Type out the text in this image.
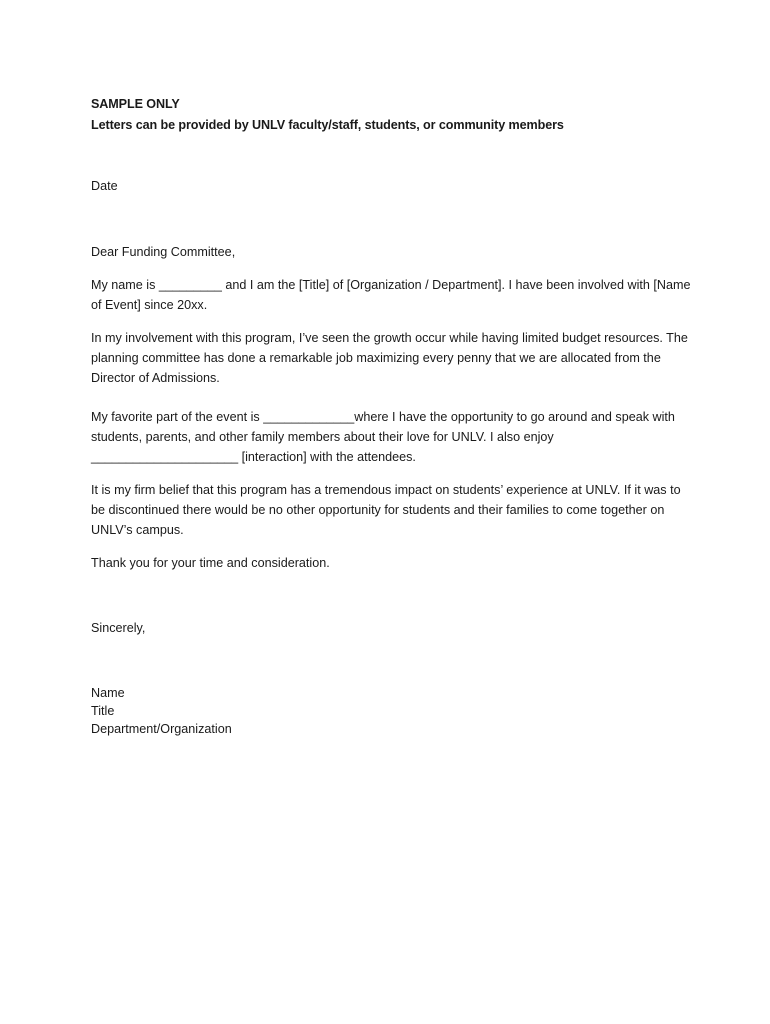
SAMPLE ONLY

Letters can be provided by UNLV faculty/staff, students, or community members

Date

Dear Funding Committee,

My name is _________ and I am the [Title] of [Organization / Department]. I have been involved with [Name of Event] since 20xx.

In my involvement with this program, I’ve seen the growth occur while having limited budget resources. The planning committee has done a remarkable job maximizing every penny that we are allocated from the Director of Admissions.

My favorite part of the event is _____________where I have the opportunity to go around and speak with students, parents, and other family members about their love for UNLV. I also enjoy _____________________ [interaction] with the attendees.

It is my firm belief that this program has a tremendous impact on students’ experience at UNLV. If it was to be discontinued there would be no other opportunity for students and their families to come together on UNLV’s campus.

Thank you for your time and consideration.

Sincerely,

Name
Title
Department/Organization
